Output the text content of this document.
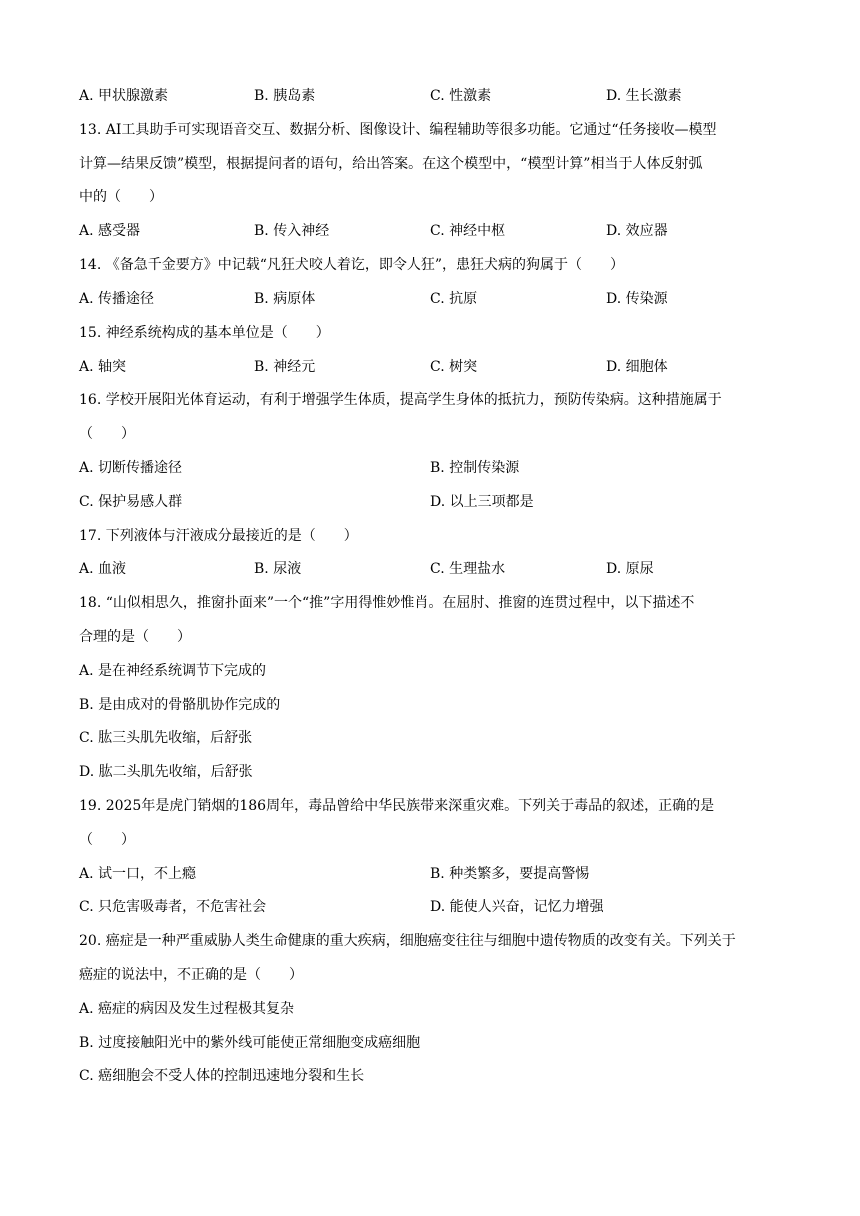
A. 甲状腺激素	B. 胰岛素	C. 性激素	D. 生长激素
13. AI工具助手可实现语音交互、数据分析、图像设计、编程辅助等很多功能。它通过“任务接收—模型
计算—结果反馈”模型，根据提问者的语句，给出答案。在这个模型中，“模型计算”相当于人体反射弧
中的（　　）
A. 感受器	B. 传入神经	C. 神经中枢	D. 效应器
14. 《备急千金要方》中记载“凡狂犬咬人着讫，即令人狂”，患狂犬病的狗属于（　　）
A. 传播途径	B. 病原体	C. 抗原	D. 传染源
15. 神经系统构成的基本单位是（　　）
A. 轴突	B. 神经元	C. 树突	D. 细胞体
16. 学校开展阳光体育运动，有利于增强学生体质，提高学生身体的抵抗力，预防传染病。这种措施属于
（　　）
A. 切断传播途径	B. 控制传染源
C. 保护易感人群	D. 以上三项都是
17. 下列液体与汗液成分最接近的是（　　）
A. 血液	B. 尿液	C. 生理盐水	D. 原尿
18. “山似相思久，推窗扑面来”一个“推”字用得惟妙惟肖。在屈肘、推窗的连贯过程中，以下描述不
合理的是（　　）
A. 是在神经系统调节下完成的
B. 是由成对的骨骼肌协作完成的
C. 肱三头肌先收缩，后舒张
D. 肱二头肌先收缩，后舒张
19. 2025年是虎门销烟的186周年，毒品曾给中华民族带来深重灾难。下列关于毒品的叙述，正确的是
（　　）
A. 试一口，不上瘾	B. 种类繁多，要提高警惕
C. 只危害吸毒者，不危害社会	D. 能使人兴奋，记忆力增强
20. 癌症是一种严重威胁人类生命健康的重大疾病，细胞癌变往往与细胞中遗传物质的改变有关。下列关于
癌症的说法中，不正确的是（　　）
A. 癌症的病因及发生过程极其复杂
B. 过度接触阳光中的紫外线可能使正常细胞变成癌细胞
C. 癌细胞会不受人体的控制迅速地分裂和生长
